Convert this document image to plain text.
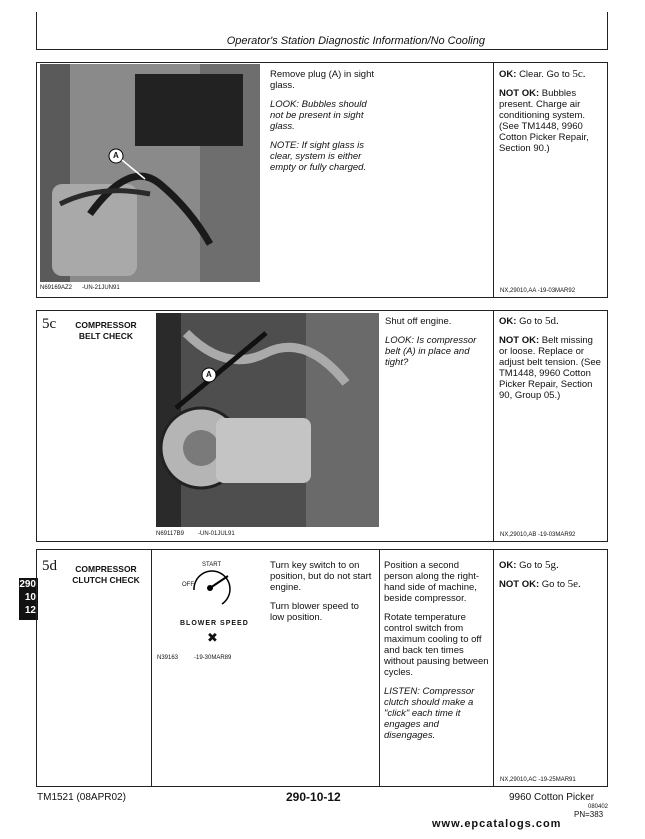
Operator's Station Diagnostic Information/No Cooling
290
10
12
A
N69169AZ2 -UN-21JUN91

Remove plug (A) in sight glass.

LOOK: Bubbles should not be present in sight glass.

NOTE: If sight glass is clear, system is either empty or fully charged.

OK: Clear. Go to 5c.

NOT OK: Bubbles present. Charge air conditioning system. (See TM1448, 9960 Cotton Picker Repair, Section 90.)

NX,29010,AA -19-03MAR92
5c	COMPRESSOR
BELT CHECK
A
N69117B9 -UN-01JUL91

Shut off engine.

LOOK: Is compressor belt (A) in place and tight?

OK: Go to 5d.

NOT OK: Belt missing or loose. Replace or adjust belt tension. (See TM1448, 9960 Cotton Picker Repair, Section 90, Group 05.)

NX,29010,AB -19-03MAR92
5d	COMPRESSOR
CLUTCH CHECK
START
OFF
BLOWER SPEED
✖
N39163	-19-30MAR89

Turn key switch to on position, but do not start engine.

Turn blower speed to low position.

Position a second person along the right-hand side of machine, beside compressor.

Rotate temperature control switch from maximum cooling to off and back ten times without pausing between cycles.

LISTEN: Compressor clutch should make a "click" each time it engages and disengages.

OK: Go to 5g.

NOT OK: Go to 5e.

NX,29010,AC -19-25MAR91
TM1521 (08APR02)	290-10-12	9960 Cotton Picker
080402
PN=383
www.epcatalogs.com
